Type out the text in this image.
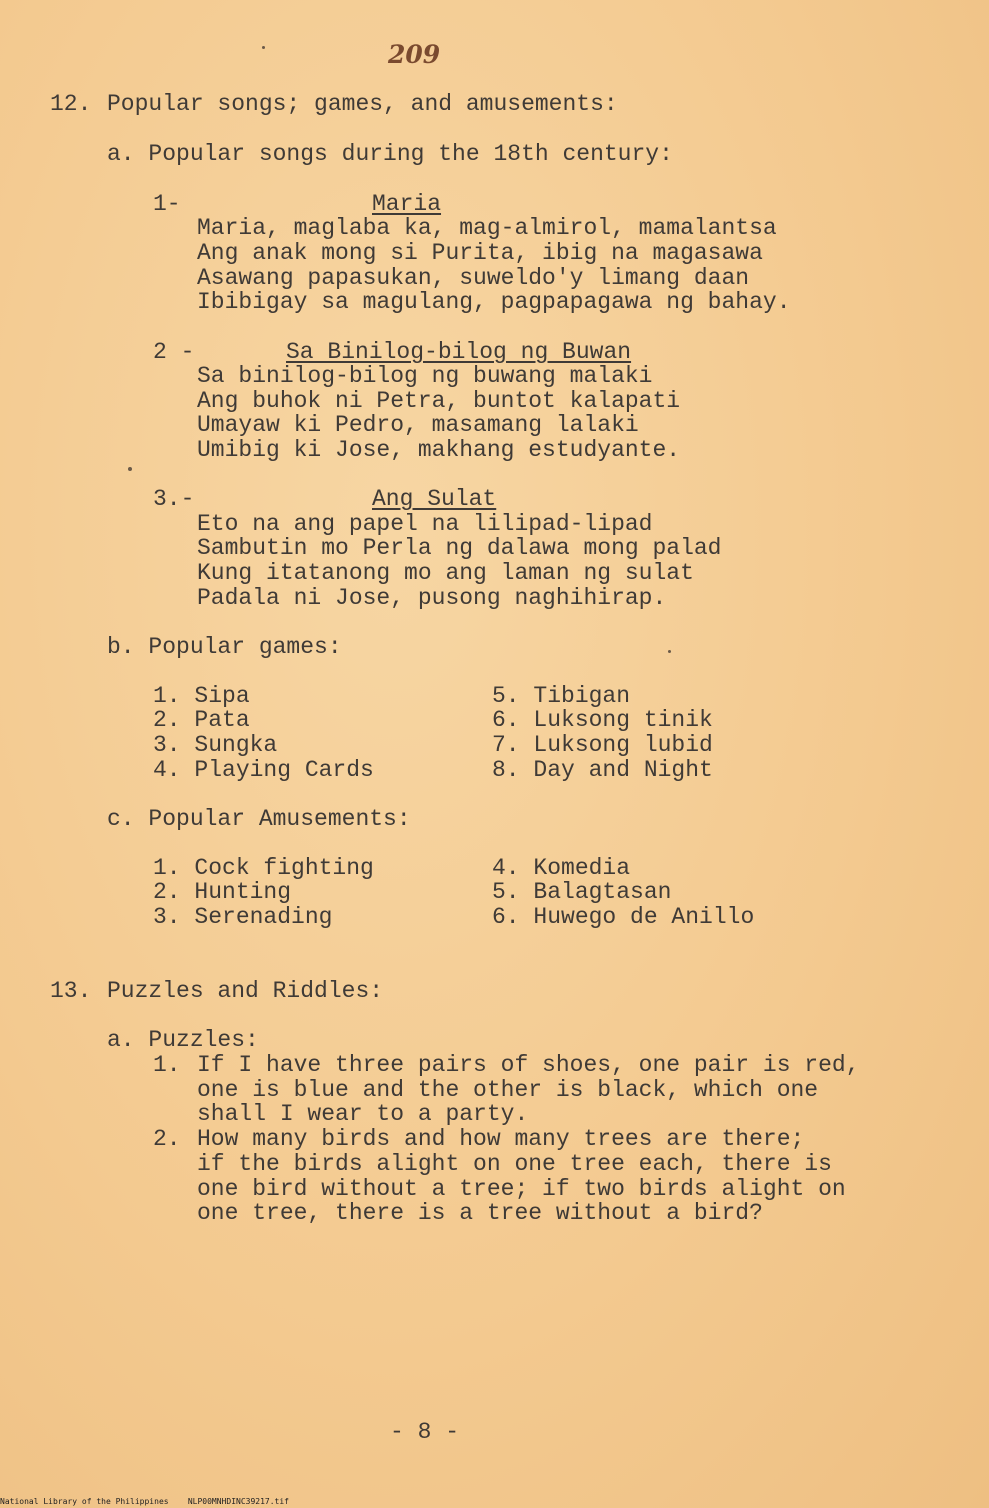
209
12. Popular songs; games, and amusements:
a. Popular songs during the 18th century:
1-	Maria
Maria, maglaba ka, mag-almirol, mamalantsa
Ang anak mong si Purita, ibig na magasawa
Asawang papasukan, suweldo'y limang daan
Ibibigay sa magulang, pagpapagawa ng bahay.
2 -	Sa Binilog-bilog ng Buwan
Sa binilog-bilog ng buwang malaki
Ang buhok ni Petra, buntot kalapati
Umayaw ki Pedro, masamang lalaki
Umibig ki Jose, makhang estudyante.
3.-	Ang Sulat
Eto na ang papel na lilipad-lipad
Sambutin mo Perla ng dalawa mong palad
Kung itatanong mo ang laman ng sulat
Padala ni Jose, pusong naghihirap.
b. Popular games:
1. Sipa
2. Pata
3. Sungka
4. Playing Cards
5. Tibigan
6. Luksong tinik
7. Luksong lubid
8. Day and Night
c. Popular Amusements:
1. Cock fighting
2. Hunting
3. Serenading
4. Komedia
5. Balagtasan
6. Huwego de Anillo
13. Puzzles and Riddles:
a. Puzzles:
1. If I have three pairs of shoes, one pair is red,
one is blue and the other is black, which one
shall I wear to a party.
2. How many birds and how many trees are there;
if the birds alight on one tree each, there is
one bird without a tree; if two birds alight on
one tree, there is a tree without a bird?
- 8 -
National Library of the Philippines NLP00MNHDINC39217.tif
